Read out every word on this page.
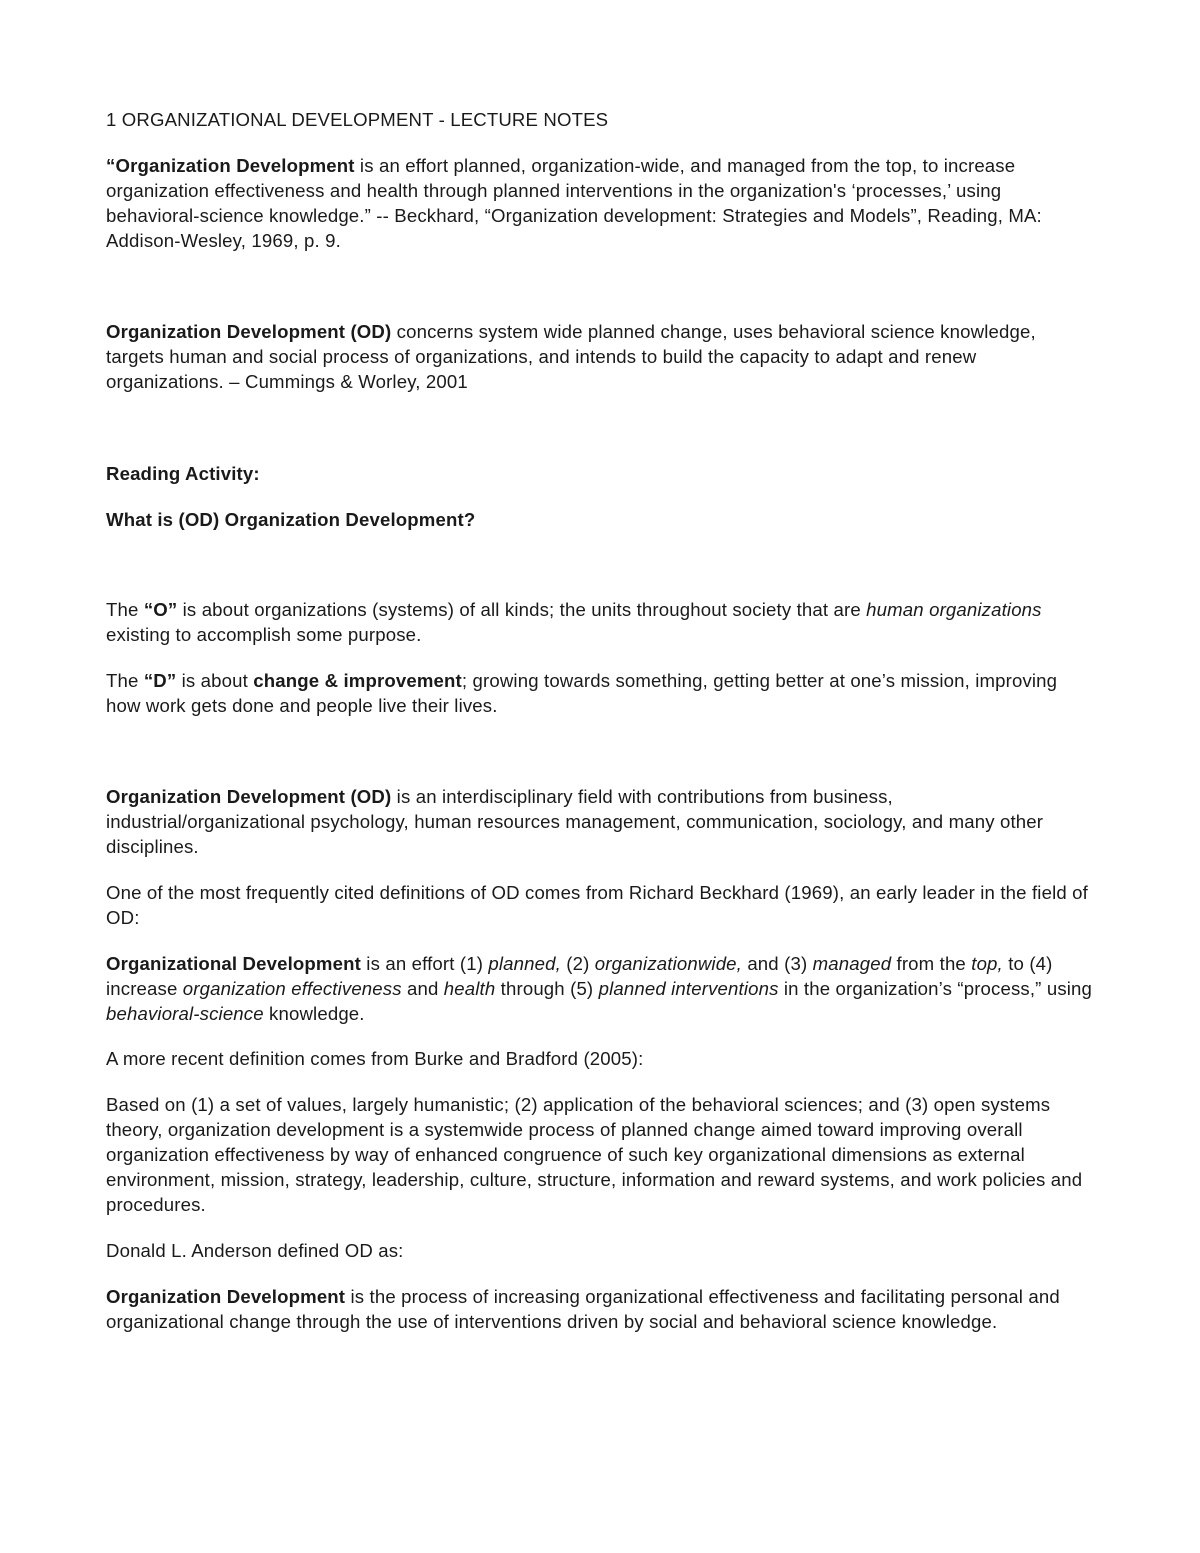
1 ORGANIZATIONAL DEVELOPMENT - LECTURE NOTES

“Organization Development is an effort planned, organization-wide, and managed from the top, to increase organization effectiveness and health through planned interventions in the organization's ‘processes,’ using behavioral-science knowledge.” -- Beckhard, “Organization development: Strategies and Models”, Reading, MA: Addison-Wesley, 1969, p. 9.

Organization Development (OD) concerns system wide planned change, uses behavioral science knowledge, targets human and social process of organizations, and intends to build the capacity to adapt and renew organizations. – Cummings & Worley, 2001

Reading Activity:

What is (OD) Organization Development?

The “O” is about organizations (systems) of all kinds; the units throughout society that are human organizations existing to accomplish some purpose.

The “D” is about change & improvement; growing towards something, getting better at one’s mission, improving how work gets done and people live their lives.

Organization Development (OD) is an interdisciplinary field with contributions from business, industrial/organizational psychology, human resources management, communication, sociology, and many other disciplines.

One of the most frequently cited definitions of OD comes from Richard Beckhard (1969), an early leader in the field of OD:

Organizational Development is an effort (1) planned, (2) organizationwide, and (3) managed from the top, to (4) increase organization effectiveness and health through (5) planned interventions in the organization’s “process,” using behavioral-science knowledge.

A more recent definition comes from Burke and Bradford (2005):

Based on (1) a set of values, largely humanistic; (2) application of the behavioral sciences; and (3) open systems theory, organization development is a systemwide process of planned change aimed toward improving overall organization effectiveness by way of enhanced congruence of such key organizational dimensions as external environment, mission, strategy, leadership, culture, structure, information and reward systems, and work policies and procedures.

Donald L. Anderson defined OD as:

Organization Development is the process of increasing organizational effectiveness and facilitating personal and organizational change through the use of interventions driven by social and behavioral science knowledge.
